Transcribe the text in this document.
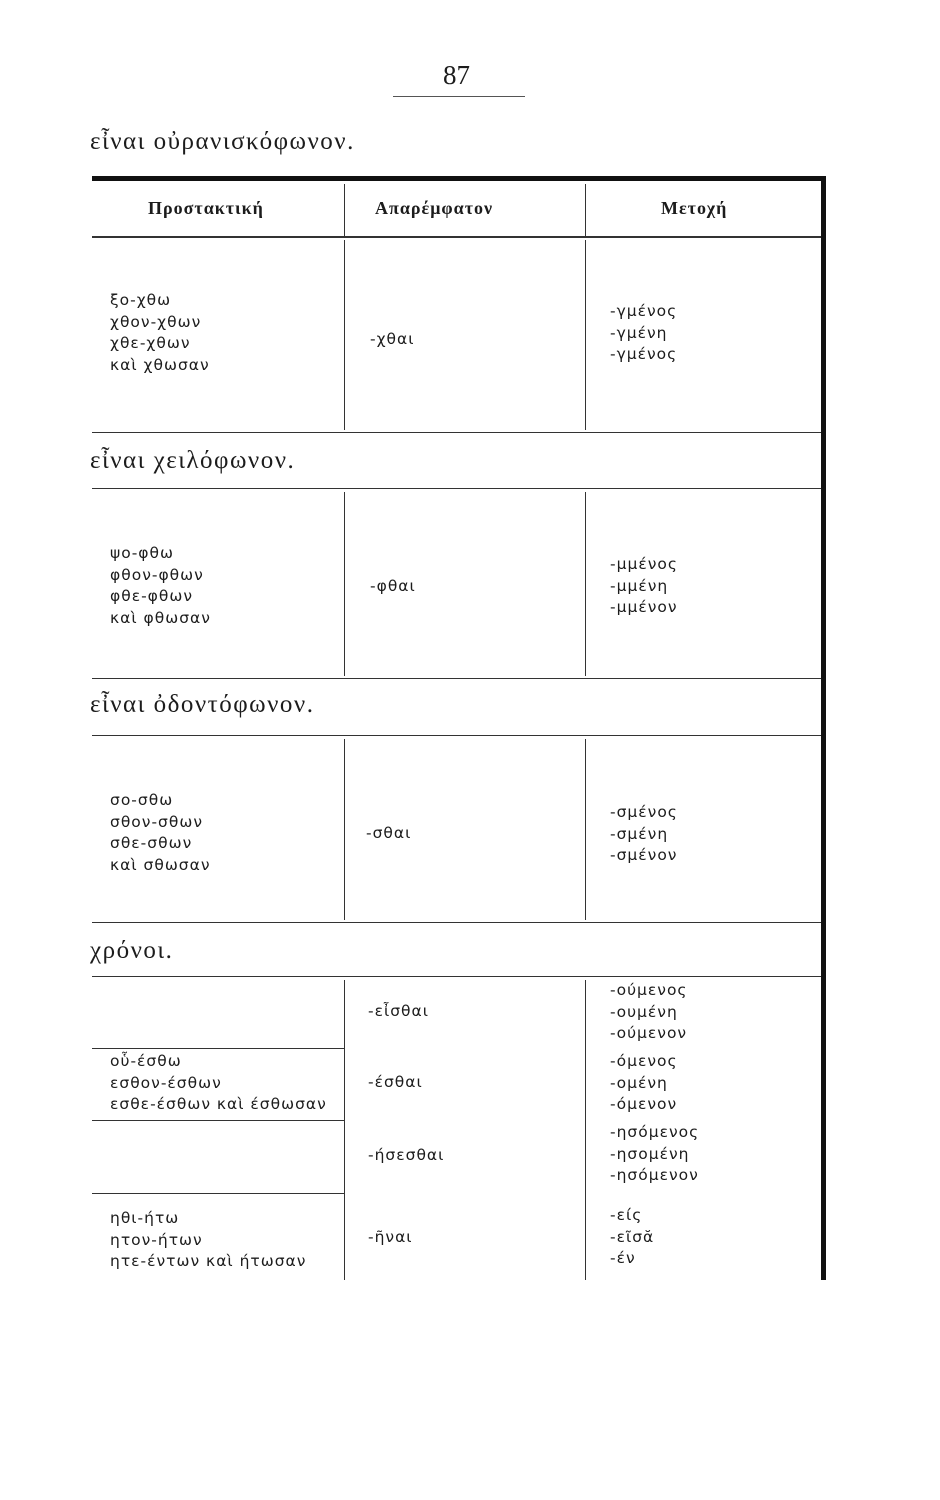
87
εἶναι οὐρανισκόφωνον.
Προστακτική	Απαρέμφατον	Μετοχή
ξο-χθω
χθον-χθων
χθε-χθων
καὶ χθωσαν
-χθαι
-γμένος
-γμένη
-γμένος
εἶναι χειλόφωνον.
ψο-φθω
φθον-φθων
φθε-φθων
καὶ φθωσαν
-φθαι
-μμένος
-μμένη
-μμένον
εἶναι ὀδοντόφωνον.
σο-σθω
σθον-σθων
σθε-σθων
καὶ σθωσαν
-σθαι
-σμένος
-σμένη
-σμένον
χρόνοι.
-εἶσθαι
-ούμενος
-ουμένη
-ούμενον
οὗ-έσθω
εσθον-έσθων
εσθε-έσθων καὶ έσθωσαν
-έσθαι
-όμενος
-ομένη
-όμενον
-ήσεσθαι
-ησόμενος
-ησομένη
-ησόμενον
ηθι-ήτω
ητον-ήτων
ητε-έντων καὶ ήτωσαν
-ῆναι
-είς
-εῖσᾰ
-έν
